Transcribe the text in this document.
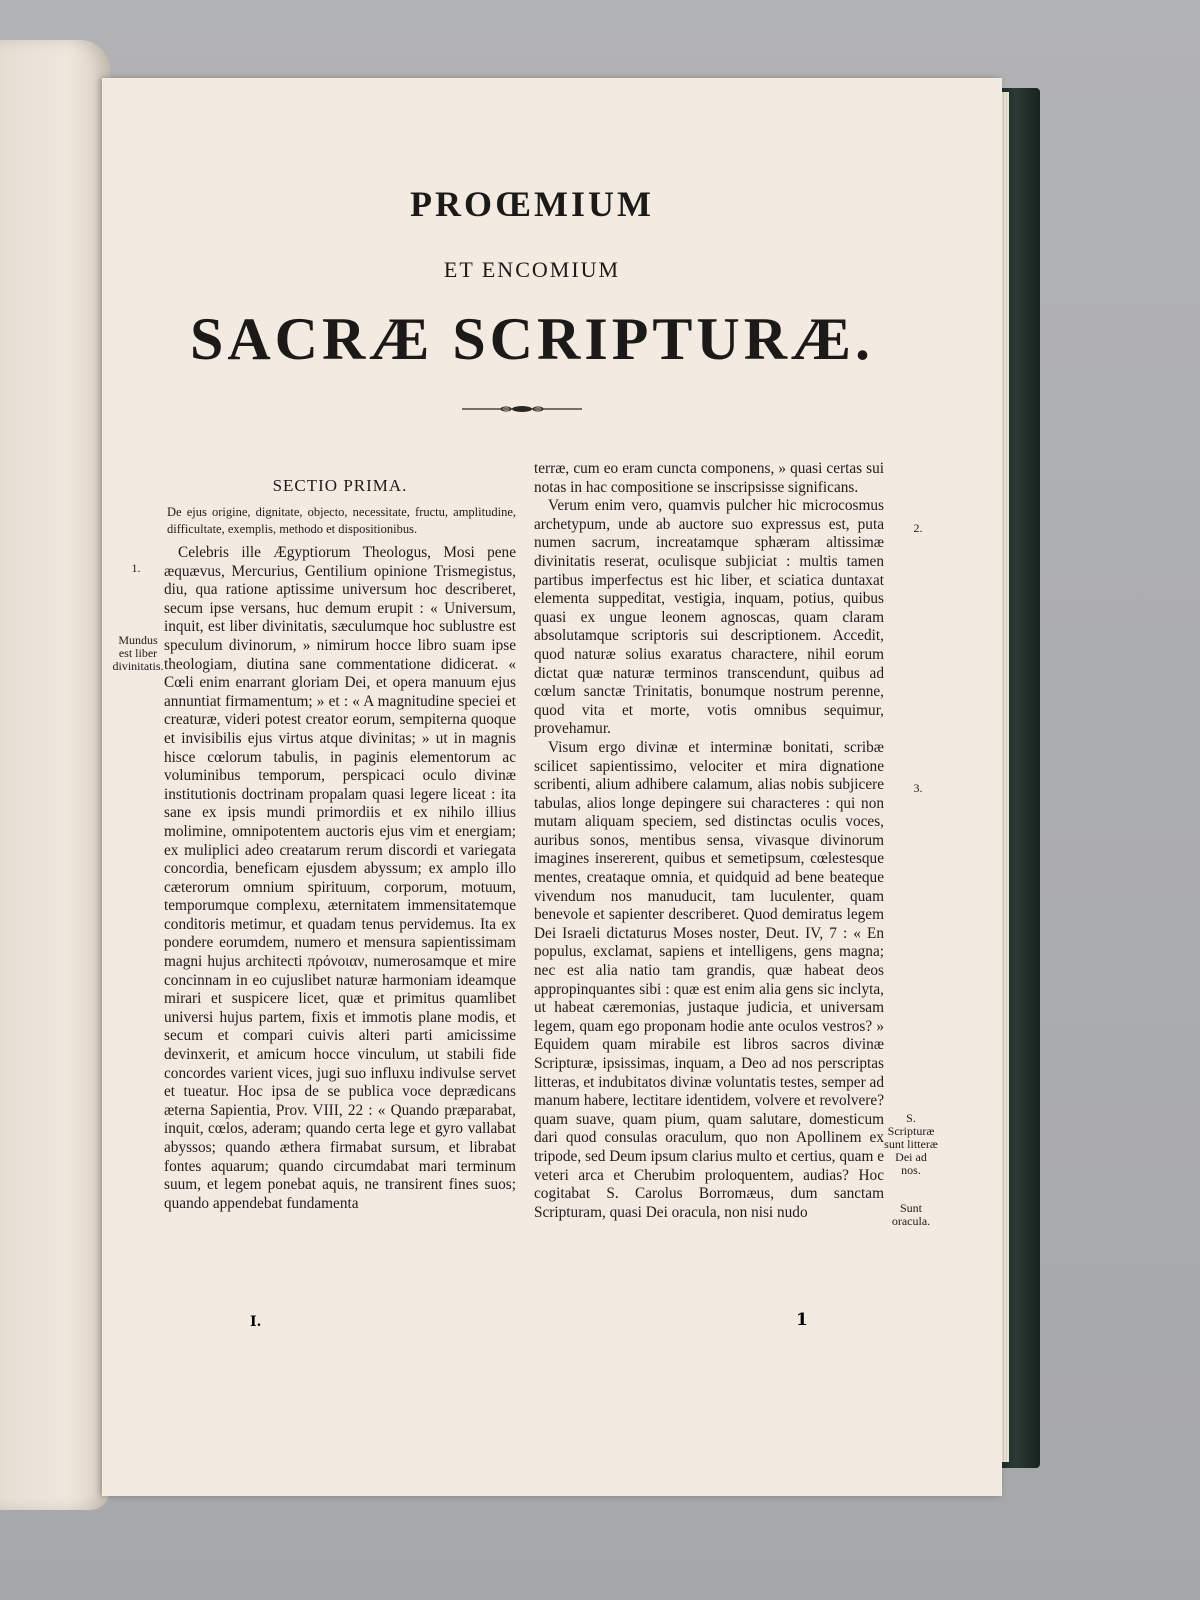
PROŒMIUM
ET ENCOMIUM
SACRÆ SCRIPTURÆ.
SECTIO PRIMA.
De ejus origine, dignitate, objecto, necessitate, fructu, amplitudine, difficultate, exemplis, methodo et dispositionibus.
Celebris ille Ægyptiorum Theologus, Mosi pene æquævus, Mercurius, Gentilium opinione Trismegistus, diu, qua ratione aptissime universum hoc describeret, secum ipse versans, huc demum erupit : « Universum, inquit, est liber divinitatis, sæculumque hoc sublustre est speculum divinorum, » nimirum hocce libro suam ipse theologiam, diutina sane commentatione didicerat. « Cœli enim enarrant gloriam Dei, et opera manuum ejus annuntiat firmamentum; » et : « A magnitudine speciei et creaturæ, videri potest creator eorum, sempiterna quoque et invisibilis ejus virtus atque divinitas; » ut in magnis hisce cœlorum tabulis, in paginis elementorum ac voluminibus temporum, perspicaci oculo divinæ institutionis doctrinam propalam quasi legere liceat : ita sane ex ipsis mundi primordiis et ex nihilo illius molimine, omnipotentem auctoris ejus vim et energiam; ex muliplici adeo creatarum rerum discordi et variegata concordia, beneficam ejusdem abyssum; ex amplo illo cæterorum omnium spirituum, corporum, motuum, temporumque complexu, æternitatem immensitatemque conditoris metimur, et quadam tenus pervidemus. Ita ex pondere eorumdem, numero et mensura sapientissimam magni hujus architecti πρόνοιαν, numerosamque et mire concinnam in eo cujuslibet naturæ harmoniam ideamque mirari et suspicere licet, quæ et primitus quamlibet universi hujus partem, fixis et immotis plane modis, et secum et compari cuivis alteri parti amicissime devinxerit, et amicum hocce vinculum, ut stabili fide concordes varient vices, jugi suo influxu indivulse servet et tueatur. Hoc ipsa de se publica voce deprædicans æterna Sapientia, Prov. VIII, 22 : « Quando præparabat, inquit, cœlos, aderam; quando certa lege et gyro vallabat abyssos; quando æthera firmabat sursum, et librabat fontes aquarum; quando circumdabat mari terminum suum, et legem ponebat aquis, ne transirent fines suos; quando appendebat fundamenta
terræ, cum eo eram cuncta componens, » quasi certas sui notas in hac compositione se inscripsisse significans.
Verum enim vero, quamvis pulcher hic microcosmus archetypum, unde ab auctore suo expressus est, puta numen sacrum, increatamque sphæram altissimæ divinitatis reserat, oculisque subjiciat : multis tamen partibus imperfectus est hic liber, et sciatica duntaxat elementa suppeditat, vestigia, inquam, potius, quibus quasi ex ungue leonem agnoscas, quam claram absolutamque scriptoris sui descriptionem. Accedit, quod naturæ solius exaratus charactere, nihil eorum dictat quæ naturæ terminos transcendunt, quibus ad cœlum sanctæ Trinitatis, bonumque nostrum perenne, quod vita et morte, votis omnibus sequimur, provehamur.
Visum ergo divinæ et interminæ bonitati, scribæ scilicet sapientissimo, velociter et mira dignatione scribenti, alium adhibere calamum, alias nobis subjicere tabulas, alios longe depingere sui characteres : qui non mutam aliquam speciem, sed distinctas oculis voces, auribus sonos, mentibus sensa, vivasque divinorum imagines insererent, quibus et semetipsum, cœlestesque mentes, creataque omnia, et quidquid ad bene beateque vivendum nos manuducit, tam luculenter, quam benevole et sapienter describeret. Quod demiratus legem Dei Israeli dictaturus Moses noster, Deut. IV, 7 : « En populus, exclamat, sapiens et intelligens, gens magna; nec est alia natio tam grandis, quæ habeat deos appropinquantes sibi : quæ est enim alia gens sic inclyta, ut habeat cæremonias, justaque judicia, et universam legem, quam ego proponam hodie ante oculos vestros? » Equidem quam mirabile est libros sacros divinæ Scripturæ, ipsissimas, inquam, a Deo ad nos perscriptas litteras, et indubitatos divinæ voluntatis testes, semper ad manum habere, lectitare identidem, volvere et revolvere? quam suave, quam pium, quam salutare, domesticum dari quod consulas oraculum, quo non Apollinem ex tripode, sed Deum ipsum clarius multo et certius, quam e veteri arca et Cherubim proloquentem, audias? Hoc cogitabat S. Carolus Borromæus, dum sanctam Scripturam, quasi Dei oracula, non nisi nudo
1.
Mundus est liber divinitatis.
2.
3.
S. Scripturæ sunt litteræ Dei ad nos.
Sunt oracula.
I.	1
